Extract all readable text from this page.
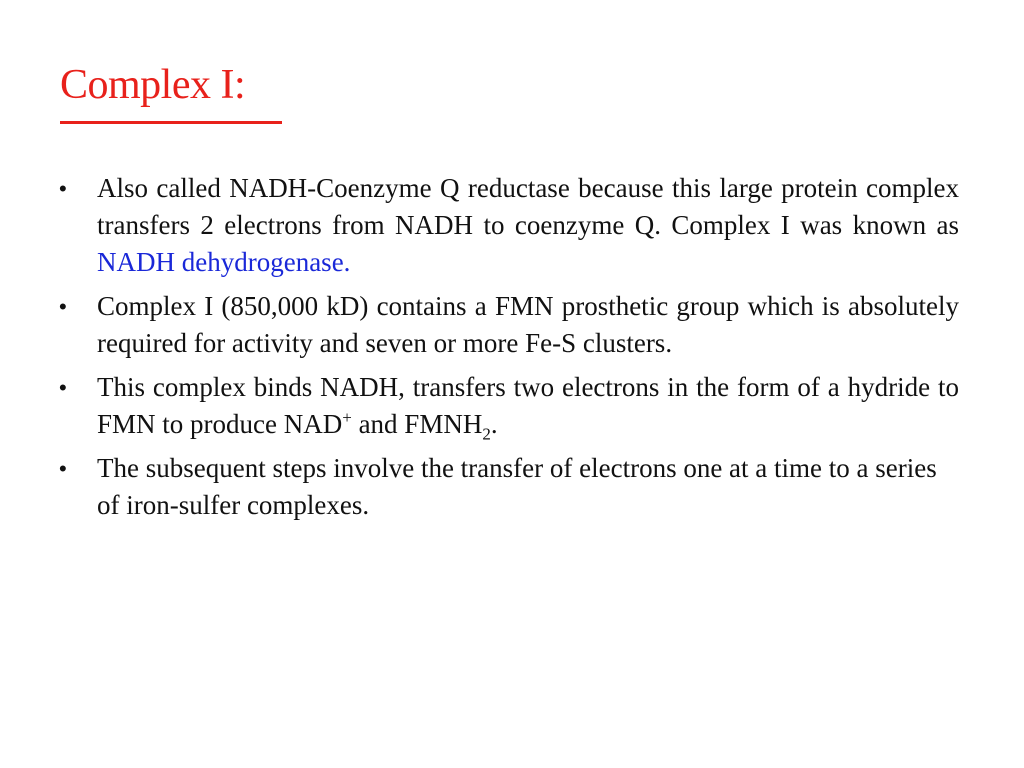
Complex I:
• Also called NADH-Coenzyme Q reductase because this large protein complex transfers 2 electrons from NADH to coenzyme Q. Complex I was known as NADH dehydrogenase.
• Complex I (850,000 kD) contains a FMN prosthetic group which is absolutely required for activity and seven or more Fe-S clusters.
• This complex binds NADH, transfers two electrons in the form of a hydride to FMN to produce NAD+ and $FMNH_2$.
• The subsequent steps involve the transfer of electrons one at a time to a series of iron-sulfer complexes.
